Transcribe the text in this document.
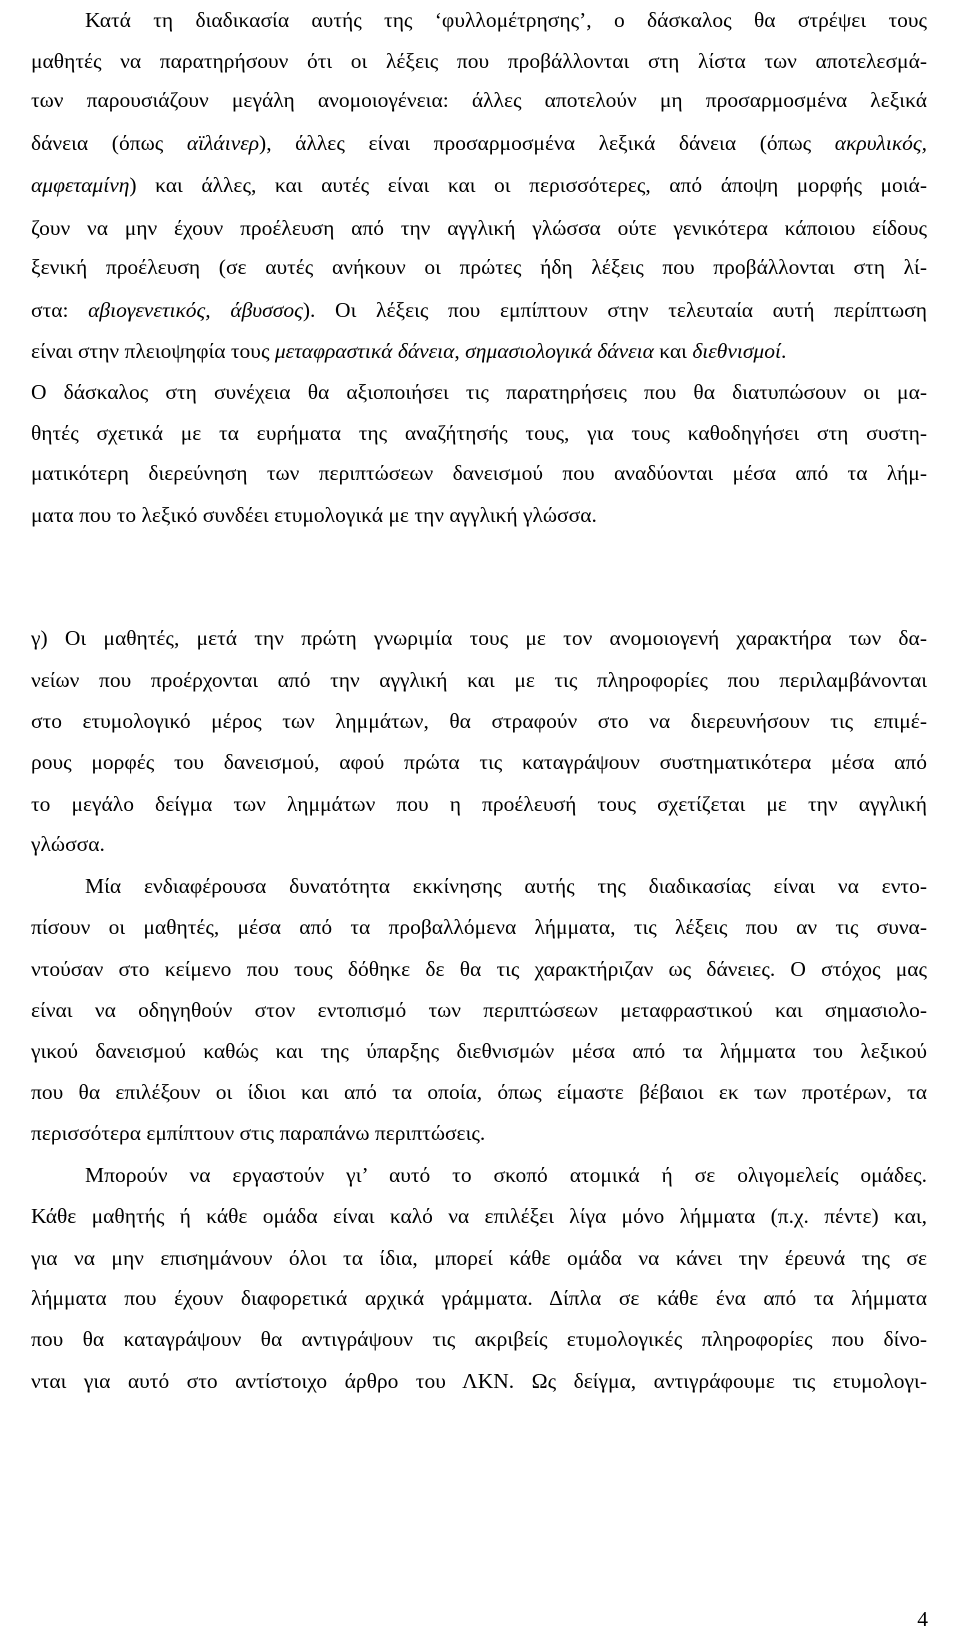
Κατά τη διαδικασία αυτής της ‘φυλλομέτρησης’, ο δάσκαλος θα στρέψει τους
μαθητές να παρατηρήσουν ότι οι λέξεις που προβάλλονται στη λίστα των αποτελεσμά-
των παρουσιάζουν μεγάλη ανομοιογένεια: άλλες αποτελούν μη προσαρμοσμένα λεξικά
δάνεια (όπως αϊλάινερ), άλλες είναι προσαρμοσμένα λεξικά δάνεια (όπως ακρυλικός,
αμφεταμίνη) και άλλες, και αυτές είναι και οι περισσότερες, από άποψη μορφής μοιά-
ζουν να μην έχουν προέλευση από την αγγλική γλώσσα ούτε γενικότερα κάποιου είδους
ξενική προέλευση (σε αυτές ανήκουν οι πρώτες ήδη λέξεις που προβάλλονται στη λί-
στα: αβιογενετικός, άβυσσος). Οι λέξεις που εμπίπτουν στην τελευταία αυτή περίπτωση
είναι στην πλειοψηφία τους μεταφραστικά δάνεια, σημασιολογικά δάνεια και διεθνισμοί.
Ο δάσκαλος στη συνέχεια θα αξιοποιήσει τις παρατηρήσεις που θα διατυπώσουν οι μα-
θητές σχετικά με τα ευρήματα της αναζήτησής τους, για τους καθοδηγήσει στη συστη-
ματικότερη διερεύνηση των περιπτώσεων δανεισμού που αναδύονται μέσα από τα λήμ-
ματα που το λεξικό συνδέει ετυμολογικά με την αγγλική γλώσσα.
γ) Οι μαθητές, μετά την πρώτη γνωριμία τους με τον ανομοιογενή χαρακτήρα των δα-
νείων που προέρχονται από την αγγλική και με τις πληροφορίες που περιλαμβάνονται
στο ετυμολογικό μέρος των λημμάτων, θα στραφούν στο να διερευνήσουν τις επιμέ-
ρους μορφές του δανεισμού, αφού πρώτα τις καταγράψουν συστηματικότερα μέσα από
το μεγάλο δείγμα των λημμάτων που η προέλευσή τους σχετίζεται με την αγγλική
γλώσσα.
Μία ενδιαφέρουσα δυνατότητα εκκίνησης αυτής της διαδικασίας είναι να εντο-
πίσουν οι μαθητές, μέσα από τα προβαλλόμενα λήμματα, τις λέξεις που αν τις συνα-
ντούσαν στο κείμενο που τους δόθηκε δε θα τις χαρακτήριζαν ως δάνειες. Ο στόχος μας
είναι να οδηγηθούν στον εντοπισμό των περιπτώσεων μεταφραστικού και σημασιολο-
γικού δανεισμού καθώς και της ύπαρξης διεθνισμών μέσα από τα λήμματα του λεξικού
που θα επιλέξουν οι ίδιοι και από τα οποία, όπως είμαστε βέβαιοι εκ των προτέρων, τα
περισσότερα εμπίπτουν στις παραπάνω περιπτώσεις.
Μπορούν να εργαστούν γι’ αυτό το σκοπό ατομικά ή σε ολιγομελείς ομάδες.
Κάθε μαθητής ή κάθε ομάδα είναι καλό να επιλέξει λίγα μόνο λήμματα (π.χ. πέντε) και,
για να μην επισημάνουν όλοι τα ίδια, μπορεί κάθε ομάδα να κάνει την έρευνά της σε
λήμματα που έχουν διαφορετικά αρχικά γράμματα. Δίπλα σε κάθε ένα από τα λήμματα
που θα καταγράψουν θα αντιγράψουν τις ακριβείς ετυμολογικές πληροφορίες που δίνο-
νται για αυτό στο αντίστοιχο άρθρο του ΛΚΝ. Ως δείγμα, αντιγράφουμε τις ετυμολογι-
4
